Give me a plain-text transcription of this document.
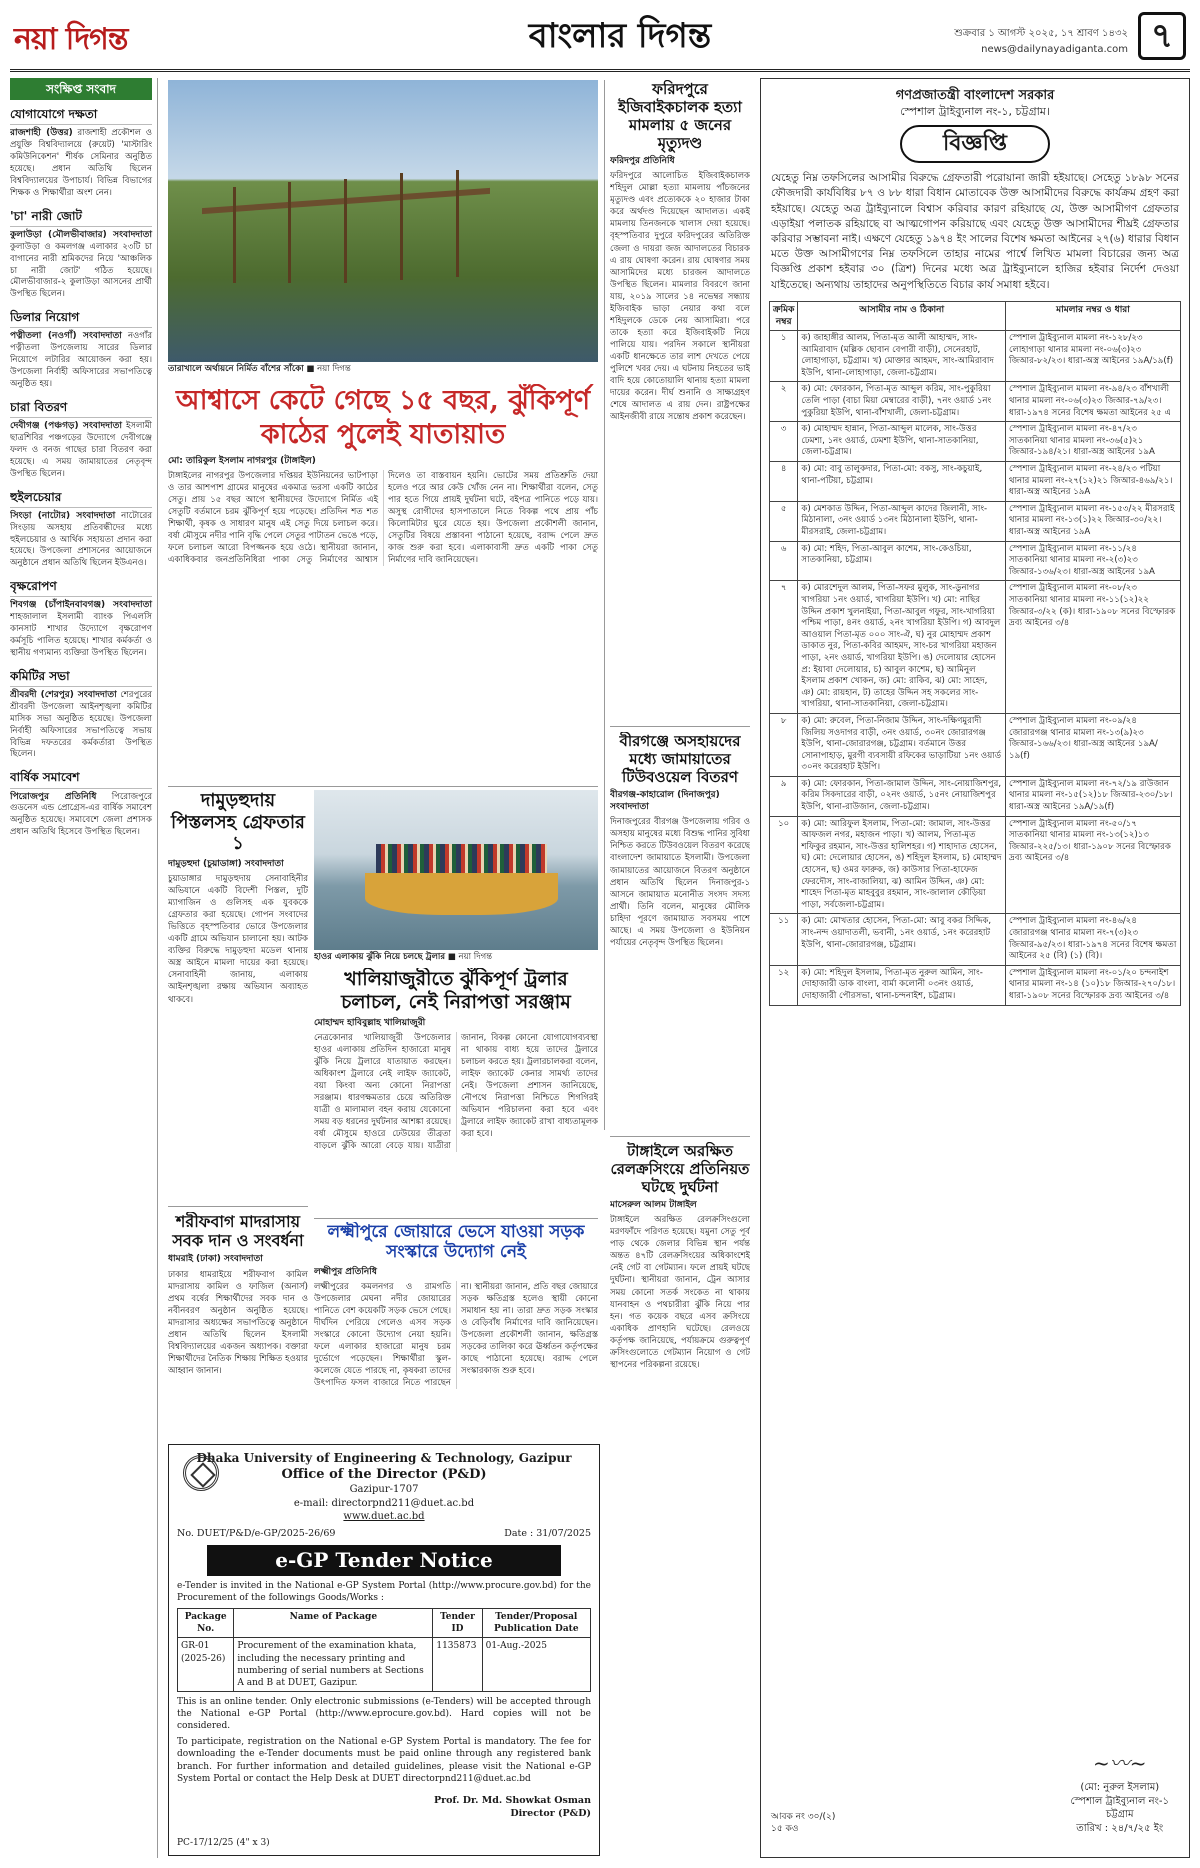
নয়া দিগন্ত	বাংলার দিগন্ত	শুক্রবার ১ আগস্ট ২০২৫, ১৭ শ্রাবণ ১৪৩২
news@dailynayadiganta.com ৭
সংক্ষিপ্ত সংবাদ
যোগাযোগে দক্ষতা

রাজশাহী (উত্তর) রাজশাহী প্রকৌশল ও প্রযুক্তি বিশ্ববিদ্যালয়ে (রুয়েট) 'মাস্টারিং কমিউনিকেশন' শীর্ষক সেমিনার অনুষ্ঠিত হয়েছে। প্রধান অতিথি ছিলেন বিশ্ববিদ্যালয়ের উপাচার্য। বিভিন্ন বিভাগের শিক্ষক ও শিক্ষার্থীরা অংশ নেন।

'চা' নারী জোট

কুলাউড়া (মৌলভীবাজার) সংবাদদাতা কুলাউড়া ও কমলগঞ্জ এলাকার ২৩টি চা বাগানের নারী শ্রমিকদের নিয়ে 'আঞ্চলিক চা নারী জোট' গঠিত হয়েছে। মৌলভীবাজার-২ কুলাউড়া আসনের প্রার্থী উপস্থিত ছিলেন।

ডিলার নিয়োগ

পত্নীতলা (নওগাঁ) সংবাদদাতা নওগাঁর পত্নীতলা উপজেলায় সারের ডিলার নিয়োগে লটারির আয়োজন করা হয়। উপজেলা নির্বাহী অফিসারের সভাপতিত্বে অনুষ্ঠিত হয়।

চারা বিতরণ

দেবীগঞ্জ (পঞ্চগড়) সংবাদদাতা ইসলামী ছাত্রশিবির পঞ্চগড়ের উদ্যোগে দেবীগঞ্জে ফলদ ও বনজ গাছের চারা বিতরণ করা হয়েছে। এ সময় জামায়াতের নেতৃবৃন্দ উপস্থিত ছিলেন।

হুইলচেয়ার

সিংড়া (নাটোর) সংবাদদাতা নাটোরের সিংড়ায় অসহায় প্রতিবন্ধীদের মধ্যে হুইলচেয়ার ও আর্থিক সহায়তা প্রদান করা হয়েছে। উপজেলা প্রশাসনের আয়োজনে অনুষ্ঠানে প্রধান অতিথি ছিলেন ইউএনও।

বৃক্ষরোপণ

শিবগঞ্জ (চাঁপাইনবাবগঞ্জ) সংবাদদাতা শাহজালাল ইসলামী ব্যাংক পিএলসি কানসাট শাখার উদ্যোগে বৃক্ষরোপণ কর্মসূচি পালিত হয়েছে। শাখার কর্মকর্তা ও স্থানীয় গণ্যমান্য ব্যক্তিরা উপস্থিত ছিলেন।

কমিটির সভা

শ্রীবরদী (শেরপুর) সংবাদদাতা শেরপুরের শ্রীবরদী উপজেলা আইনশৃঙ্খলা কমিটির মাসিক সভা অনুষ্ঠিত হয়েছে। উপজেলা নির্বাহী অফিসারের সভাপতিত্বে সভায় বিভিন্ন দফতরের কর্মকর্তারা উপস্থিত ছিলেন।

বার্ষিক সমাবেশ

পিরোজপুর প্রতিনিধি পিরোজপুরে গুডনেস এন্ড প্রোগ্রেস-এর বার্ষিক সমাবেশ অনুষ্ঠিত হয়েছে। সমাবেশে জেলা প্রশাসক প্রধান অতিথি হিসেবে উপস্থিত ছিলেন।

তারাখালে অর্থায়নে নির্মিত বাঁশের সাঁকো ■ নয়া দিগন্ত
আশ্বাসে কেটে গেছে ১৫ বছর, ঝুঁকিপূর্ণ কাঠের পুলেই যাতায়াত
মো: তারিকুল ইসলাম নাগরপুর (টাঙ্গাইল)
টাঙ্গাইলের নাগরপুর উপজেলার দপ্তিয়র ইউনিয়নের ভাটপাড়া ও তার আশপাশ গ্রামের মানুষের একমাত্র ভরসা একটি কাঠের সেতু। প্রায় ১৫ বছর আগে স্থানীয়দের উদ্যোগে নির্মিত এই সেতুটি বর্তমানে চরম ঝুঁকিপূর্ণ হয়ে পড়েছে। প্রতিদিন শত শত শিক্ষার্থী, কৃষক ও সাধারণ মানুষ এই সেতু দিয়ে চলাচল করে। বর্ষা মৌসুমে নদীর পানি বৃদ্ধি পেলে সেতুর পাটাতন ভেঙে পড়ে, ফলে চলাচল আরো বিপজ্জনক হয়ে ওঠে। স্থানীয়রা জানান, একাধিকবার জনপ্রতিনিধিরা পাকা সেতু নির্মাণের আশ্বাস দিলেও তা বাস্তবায়ন হয়নি। ভোটের সময় প্রতিশ্রুতি দেয়া হলেও পরে আর কেউ খোঁজ নেন না। শিক্ষার্থীরা বলেন, সেতু পার হতে গিয়ে প্রায়ই দুর্ঘটনা ঘটে, বইপত্র পানিতে পড়ে যায়। অসুস্থ রোগীদের হাসপাতালে নিতে বিকল্প পথে প্রায় পাঁচ কিলোমিটার ঘুরে যেতে হয়। উপজেলা প্রকৌশলী জানান, সেতুটির বিষয়ে প্রস্তাবনা পাঠানো হয়েছে, বরাদ্দ পেলে দ্রুত কাজ শুরু করা হবে। এলাকাবাসী দ্রুত একটি পাকা সেতু নির্মাণের দাবি জানিয়েছেন।
ফরিদপুরে ইজিবাইকচালক হত্যা মামলায় ৫ জনের মৃত্যুদণ্ড
ফরিদপুর প্রতিনিধি
ফরিদপুরে আলোচিত ইজিবাইকচালক শহিদুল মোল্লা হত্যা মামলায় পাঁচজনের মৃত্যুদণ্ড এবং প্রত্যেককে ২০ হাজার টাকা করে অর্থদণ্ড দিয়েছেন আদালত। একই মামলায় তিনজনকে খালাস দেয়া হয়েছে। বৃহস্পতিবার দুপুরে ফরিদপুরের অতিরিক্ত জেলা ও দায়রা জজ আদালতের বিচারক এ রায় ঘোষণা করেন। রায় ঘোষণার সময় আসামিদের মধ্যে চারজন আদালতে উপস্থিত ছিলেন। মামলার বিবরণে জানা যায়, ২০১৯ সালের ১৪ নভেম্বর সন্ধ্যায় ইজিবাইক ভাড়া নেয়ার কথা বলে শহিদুলকে ডেকে নেয় আসামিরা। পরে তাকে হত্যা করে ইজিবাইকটি নিয়ে পালিয়ে যায়। পরদিন সকালে স্থানীয়রা একটি ধানক্ষেতে তার লাশ দেখতে পেয়ে পুলিশে খবর দেয়। এ ঘটনায় নিহতের ভাই বাদি হয়ে কোতোয়ালি থানায় হত্যা মামলা দায়ের করেন। দীর্ঘ শুনানি ও সাক্ষ্যগ্রহণ শেষে আদালত এ রায় দেন। রাষ্ট্রপক্ষের আইনজীবী রায়ে সন্তোষ প্রকাশ করেছেন।
বীরগঞ্জে অসহায়দের মধ্যে জামায়াতের টিউবওয়েল বিতরণ
বীরগঞ্জ-কাহারোল (দিনাজপুর) সংবাদদাতা
দিনাজপুরের বীরগঞ্জ উপজেলায় গরিব ও অসহায় মানুষের মধ্যে বিশুদ্ধ পানির সুবিধা নিশ্চিত করতে টিউবওয়েল বিতরণ করেছে বাংলাদেশ জামায়াতে ইসলামী। উপজেলা জামায়াতের আয়োজনে বিতরণ অনুষ্ঠানে প্রধান অতিথি ছিলেন দিনাজপুর-১ আসনে জামায়াত মনোনীত সংসদ সদস্য প্রার্থী। তিনি বলেন, মানুষের মৌলিক চাহিদা পূরণে জামায়াত সবসময় পাশে আছে। এ সময় উপজেলা ও ইউনিয়ন পর্যায়ের নেতৃবৃন্দ উপস্থিত ছিলেন।
দামুড়হুদায় পিস্তলসহ গ্রেফতার ১
দামুড়হুদা (চুয়াডাঙ্গা) সংবাদদাতা
চুয়াডাঙ্গার দামুড়হুদায় সেনাবাহিনীর অভিযানে একটি বিদেশী পিস্তল, দুটি ম্যাগাজিন ও গুলিসহ এক যুবককে গ্রেফতার করা হয়েছে। গোপন সংবাদের ভিত্তিতে বৃহস্পতিবার ভোরে উপজেলার একটি গ্রামে অভিযান চালানো হয়। আটক ব্যক্তির বিরুদ্ধে দামুড়হুদা মডেল থানায় অস্ত্র আইনে মামলা দায়ের করা হয়েছে। সেনাবাহিনী জানায়, এলাকায় আইনশৃঙ্খলা রক্ষায় অভিযান অব্যাহত থাকবে।
হাওর এলাকায় ঝুঁকি নিয়ে চলছে ট্রলার ■ নয়া দিগন্ত
খালিয়াজুরীতে ঝুঁকিপূর্ণ ট্রলার চলাচল, নেই নিরাপত্তা সরঞ্জাম
মোহাম্মদ হাবিবুল্লাহ খালিয়াজুরী
নেত্রকোনার খালিয়াজুরী উপজেলার হাওর এলাকায় প্রতিদিন হাজারো মানুষ ঝুঁকি নিয়ে ট্রলারে যাতায়াত করছেন। অধিকাংশ ট্রলারে নেই লাইফ জ্যাকেট, বয়া কিংবা অন্য কোনো নিরাপত্তা সরঞ্জাম। ধারণক্ষমতার চেয়ে অতিরিক্ত যাত্রী ও মালামাল বহন করায় যেকোনো সময় বড় ধরনের দুর্ঘটনার আশঙ্কা রয়েছে। বর্ষা মৌসুমে হাওরে ঢেউয়ের তীব্রতা বাড়লে ঝুঁকি আরো বেড়ে যায়। যাত্রীরা জানান, বিকল্প কোনো যোগাযোগব্যবস্থা না থাকায় বাধ্য হয়ে তাদের ট্রলারে চলাচল করতে হয়। ট্রলারচালকরা বলেন, লাইফ জ্যাকেট কেনার সামর্থ্য তাদের নেই। উপজেলা প্রশাসন জানিয়েছে, নৌপথে নিরাপত্তা নিশ্চিতে শিগগিরই অভিযান পরিচালনা করা হবে এবং ট্রলারে লাইফ জ্যাকেট রাখা বাধ্যতামূলক করা হবে।
শরীফবাগ মাদরাসায় সবক দান ও সংবর্ধনা
ধামরাই (ঢাকা) সংবাদদাতা
ঢাকার ধামরাইয়ে শরীফবাগ কামিল মাদরাসায় কামিল ও ফাজিল (অনার্স) প্রথম বর্ষের শিক্ষার্থীদের সবক দান ও নবীনবরণ অনুষ্ঠান অনুষ্ঠিত হয়েছে। মাদরাসার অধ্যক্ষের সভাপতিত্বে অনুষ্ঠানে প্রধান অতিথি ছিলেন ইসলামী বিশ্ববিদ্যালয়ের একজন অধ্যাপক। বক্তারা শিক্ষার্থীদের নৈতিক শিক্ষায় শিক্ষিত হওয়ার আহ্বান জানান।
লক্ষ্মীপুরে জোয়ারে ভেসে যাওয়া সড়ক সংস্কারে উদ্যোগ নেই
লক্ষ্মীপুর প্রতিনিধি
লক্ষ্মীপুরের কমলনগর ও রামগতি উপজেলার মেঘনা নদীর জোয়ারের পানিতে বেশ কয়েকটি সড়ক ভেসে গেছে। দীর্ঘদিন পেরিয়ে গেলেও এসব সড়ক সংস্কারে কোনো উদ্যোগ নেয়া হয়নি। ফলে এলাকার হাজারো মানুষ চরম দুর্ভোগে পড়েছেন। শিক্ষার্থীরা স্কুল-কলেজে যেতে পারছে না, কৃষকরা তাদের উৎপাদিত ফসল বাজারে নিতে পারছেন না। স্থানীয়রা জানান, প্রতি বছর জোয়ারে সড়ক ক্ষতিগ্রস্ত হলেও স্থায়ী কোনো সমাধান হয় না। তারা দ্রুত সড়ক সংস্কার ও বেড়িবাঁধ নির্মাণের দাবি জানিয়েছেন। উপজেলা প্রকৌশলী জানান, ক্ষতিগ্রস্ত সড়কের তালিকা করে ঊর্ধ্বতন কর্তৃপক্ষের কাছে পাঠানো হয়েছে। বরাদ্দ পেলে সংস্কারকাজ শুরু হবে।
টাঙ্গাইলে অরক্ষিত রেলক্রসিংয়ে প্রতিনিয়ত ঘটছে দুর্ঘটনা
মাসেরুল আলম টাঙ্গাইল
টাঙ্গাইলে অরক্ষিত রেলক্রসিংগুলো মরণফাঁদে পরিণত হয়েছে। যমুনা সেতু পূর্ব পাড় থেকে জেলার বিভিন্ন স্থান পর্যন্ত অন্তত ৪৭টি রেলক্রসিংয়ের অধিকাংশেই নেই গেট বা গেটম্যান। ফলে প্রায়ই ঘটছে দুর্ঘটনা। স্থানীয়রা জানান, ট্রেন আসার সময় কোনো সতর্ক সংকেত না থাকায় যানবাহন ও পথচারীরা ঝুঁকি নিয়ে পার হন। গত কয়েক বছরে এসব ক্রসিংয়ে একাধিক প্রাণহানি ঘটেছে। রেলওয়ে কর্তৃপক্ষ জানিয়েছে, পর্যায়ক্রমে গুরুত্বপূর্ণ ক্রসিংগুলোতে গেটম্যান নিয়োগ ও গেট স্থাপনের পরিকল্পনা রয়েছে।
Dhaka University of Engineering & Technology, Gazipur
Office of the Director (P&D)
Gazipur-1707
e-mail: directorpnd211@duet.ac.bd
www.duet.ac.bd
No. DUET/P&D/e-GP/2025-26/69	Date : 31/07/2025
e-GP Tender Notice
e-Tender is invited in the National e-GP System Portal (http://www.procure.gov.bd) for the Procurement of the followings Goods/Works :
Package No.	Name of Package	Tender ID	Tender/Proposal Publication Date
GR-01 (2025-26)	Procurement of the examination khata, including the necessary printing and numbering of serial numbers at Sections A and B at DUET, Gazipur.	1135873	01-Aug.-2025
This is an online tender. Only electronic submissions (e-Tenders) will be accepted through the National e-GP Portal (http://www.eprocure.gov.bd). Hard copies will not be considered.
To participate, registration on the National e-GP System Portal is mandatory. The fee for downloading the e-Tender documents must be paid online through any registered bank branch. For further information and detailed guidelines, please visit the National e-GP System Portal or contact the Help Desk at DUET directorpnd211@duet.ac.bd
Prof. Dr. Md. Showkat Osman
Director (P&D)
PC-17/12/25 (4" x 3)
গণপ্রজাতন্ত্রী বাংলাদেশ সরকার
স্পেশাল ট্রাইব্যুনাল নং-১, চট্টগ্রাম।
বিজ্ঞপ্তি
যেহেতু নিম্ন তফসিলের আসামীর বিরুদ্ধে গ্রেফতারী পরোয়ানা জারী হইয়াছে। সেহেতু ১৮৯৮ সনের ফৌজদারী কার্যবিধির ৮৭ ও ৮৮ ধারা বিধান মোতাবেক উক্ত আসামীদের বিরুদ্ধে কার্যক্রম গ্রহণ করা হইয়াছে। যেহেতু অত্র ট্রাইব্যুনালে বিশ্বাস করিবার কারণ রহিয়াছে যে, উক্ত আসামীগণ গ্রেফতার এড়াইয়া পলাতক রহিয়াছে বা আত্মগোপন করিয়াছে এবং যেহেতু উক্ত আসামীদের শীঘ্রই গ্রেফতার করিবার সম্ভাবনা নাই। এক্ষণে যেহেতু ১৯৭৪ ইং সালের বিশেষ ক্ষমতা আইনের ২৭(৬) ধারার বিধান মতে উক্ত আসামীগণের নিম্ন তফসিলে তাহার নামের পার্শ্বে লিখিত মামলা বিচারের জন্য অত্র বিজ্ঞপ্তি প্রকাশ হইবার ৩০ (ত্রিশ) দিনের মধ্যে অত্র ট্রাইব্যুনালে হাজির হইবার নির্দেশ দেওয়া যাইতেছে। অন্যথায় তাহাদের অনুপস্থিতিতে বিচার কার্য সমাধা হইবে।
ক্রমিক নম্বর	আসামীর নাম ও ঠিকানা	মামলার নম্বর ও ধারা
১	ক) জাহাঙ্গীর আলম, পিতা-মৃত আলী আহাম্মদ, সাং-আমিরাবাদ (মল্লিক ছোবান বেপারী বাড়ী), সেনেরহাট, লোহাগাড়া, চট্টগ্রাম। খ) মোক্তার আহমদ, সাং-আমিরাবাদ ইউপি, থানা-লোহাগাড়া, জেলা-চট্টগ্রাম।	স্পেশাল ট্রাইব্যুনাল মামলা নং-১২৮/২৩ লোহাগাড়া থানার মামলা নং-০৬(৩)২৩ জিআর-৮২/২৩। ধারা-অস্ত্র আইনের ১৯A/১৯(f)
২	ক) মো: ফোরকান, পিতা-মৃত আব্দুল করিম, সাং-পুকুরিয়া তেলি পাড়া (বাচা মিয়া মেম্বারের বাড়ী), ৭নং ওয়ার্ড ১নং পুকুরিয়া ইউপি, থানা-বাঁশখালী, জেলা-চট্টগ্রাম।	স্পেশাল ট্রাইব্যুনাল মামলা নং-৯৪/২৩ বাঁশখালী থানার মামলা নং-০৬(৩)২৩ জিআর-৭৯/২৩। ধারা-১৯৭৪ সনের বিশেষ ক্ষমতা আইনের ২৫ এ
৩	ক) মোহাম্মদ হান্নান, পিতা-আব্দুল মালেক, সাং-উত্তর ঢেমশা, ১নং ওয়ার্ড, ঢেমশা ইউপি, থানা-সাতকানিয়া, জেলা-চট্টগ্রাম।	স্পেশাল ট্রাইব্যুনাল মামলা নং-৪৭/২৩ সাতকানিয়া থানার মামলা নং-৩৬(৫)২১ জিআর-১৯৪/২১। ধারা-অস্ত্র আইনের ১৯A
৪	ক) মো: বাবু তালুকদার, পিতা-মো: বকসু, সাং-কচুয়াই, থানা-পটিয়া, চট্টগ্রাম।	স্পেশাল ট্রাইব্যুনাল মামলা নং-২৪/২৩ পটিয়া থানার মামলা নং-২৭(১২)২১ জিআর-৪৬৯/২১। ধারা-অস্ত্র আইনের ১৯A
৫	ক) মেশকাত উদ্দিন, পিতা-আব্দুল কাদের জিলানী, সাং-মিঠানালা, ৩নং ওয়ার্ড ১৩নং মিঠানালা ইউপি, থানা-মীরসরাই, জেলা-চট্টগ্রাম।	স্পেশাল ট্রাইব্যুনাল মামলা নং-১৫৩/২২ মীরসরাই থানার মামলা নং-১৩(১)২২ জিআর-৩০/২২। ধারা-অস্ত্র আইনের ১৯A
৬	ক) মো: শহিদ, পিতা-আবুল কাশেম, সাং-কেওচিয়া, সাতকানিয়া, চট্টগ্রাম।	স্পেশাল ট্রাইব্যুনাল মামলা নং-১১/২৪ সাতকানিয়া থানার মামলা নং-২(৩)২৩ জিআর-১৩৬/২৩। ধারা-অস্ত্র আইনের ১৯A
৭	ক) মোরশেদুল আলম, পিতা-সফর মুলুক, সাং-ডুনাগর খাগরিয়া ১নং ওয়ার্ড, খাগরিয়া ইউপি। খ) মো: নাছির উদ্দিন প্রকাশ খুলনাইয়া, পিতা-আবুল গফুর, সাং-খাগরিয়া পশ্চিম পাড়া, ৪নং ওয়ার্ড, ২নং খাগরিয়া ইউপি। গ) আবদুল আওয়াল পিতা-মৃত ০০০ সাং-ঐ, ঘ) নুর মোহাম্মদ প্রকাশ ডাকাত নুর, পিতা-কবির আহমদ, সাং-চর খাগরিয়া মহাজন পাড়া, ২নং ওয়ার্ড, খাগরিয়া ইউপি। ঙ) দেলোয়ার হোসেন প্র: ইয়াবা দেলোয়ার, চ) আবুল কাশেম, ছ) আমিনুল ইসলাম প্রকাশ খোকন, জ) মো: রাকিব, ঝ) মো: সাহেদ, ঞ) মো: রায়হান, ট) তাহের উদ্দিন সহ সকলের সাং-খাগরিয়া, থানা-সাতকানিয়া, জেলা-চট্টগ্রাম।	স্পেশাল ট্রাইব্যুনাল মামলা নং-০৮/২৩ সাতকানিয়া থানার মামলা নং-১১(১২)২২ জিআর-৩/২২ (ক)। ধারা-১৯০৮ সনের বিস্ফোরক দ্রব্য আইনের ৩/৪
৮	ক) মো: রুবেল, পিতা-নিজাম উদ্দিন, সাং-দক্ষিণমুরাদী জিলিয় সওদাগর বাড়ী, ৩নং ওয়ার্ড, ৩০নং জোরারগঞ্জ ইউপি, থানা-জোরারগঞ্জ, চট্টগ্রাম। বর্তমানে উত্তর সোনাপাহাড়, মুরগী ব্যবসায়ী রফিকের ভাড়াটিয়া ১নং ওয়ার্ড ৩০নং করেরহাট ইউপি।	স্পেশাল ট্রাইব্যুনাল মামলা নং-০৯/২৪ জোরারগঞ্জ থানার মামলা নং-১৩(৯)২৩ জিআর-১৬৬/২৩। ধারা-অস্ত্র আইনের ১৯A/১৯(f)
৯	ক) মো: ফোরকান, পিতা-জামাল উদ্দিন, সাং-নোয়াজিশপুর, করিম সিকদারের বাড়ী, ০২নং ওয়ার্ড, ১৫নং নোয়াজিশপুর ইউপি, থানা-রাউজান, জেলা-চট্টগ্রাম।	স্পেশাল ট্রাইব্যুনাল মামলা নং-৭২/১৯ রাউজান থানার মামলা নং-১৫(১২)১৮ জিআর-২৩০/১৮। ধারা-অস্ত্র আইনের ১৯A/১৯(f)
১০	ক) মো: আরিফুল ইসলাম, পিতা-মো: জামাল, সাং-উত্তর আফজল নগর, মহাজন পাড়া। খ) আলম, পিতা-মৃত শফিকুর রহমান, সাং-উত্তর হালিশহর। গ) শাহাদাত হোসেন, ঘ) মো: দেলোয়ার হোসেন, ঙ) শহিদুল ইসলাম, চ) মোহাম্মদ হোসেন, ছ) ওমর ফারুক, জ) কাউসার পিতা-হাফেজ ফেরদৌস, সাং-বাজালিয়া, ঝ) আমিন উদ্দিন, ঞ) মো: শাহেদ পিতা-মৃত মাহবুবুর রহমান, সাং-জালাল কৌড়িয়া পাড়া, সর্বজেলা-চট্টগ্রাম।	স্পেশাল ট্রাইব্যুনাল মামলা নং-৫০/১৭ সাতকানিয়া থানার মামলা নং-১৩(১২)১৩ জিআর-২২৫/১৩। ধারা-১৯০৮ সনের বিস্ফোরক দ্রব্য আইনের ৩/৪
১১	ক) মো: মোখতার হোসেন, পিতা-মো: আবু বকর সিদ্দিক, সাং-নন্দ ওয়াদাতলী, ভবানী, ১নং ওয়ার্ড, ১নং করেরহাট ইউপি, থানা-জোরারগঞ্জ, চট্টগ্রাম।	স্পেশাল ট্রাইব্যুনাল মামলা নং-৪৬/২৪ জোরারগঞ্জ থানার মামলা নং-৭(৩)২৩ জিআর-৯৫/২৩। ধারা-১৯৭৪ সনের বিশেষ ক্ষমতা আইনের ২৫ (বি) (১) (বি)।
১২	ক) মো: শহিদুল ইসলাম, পিতা-মৃত নুরুল আমিন, সাং-দোহাজারী ডাক বাংলা, বার্মা কলোনী ০৩নং ওয়ার্ড, দোহাজারী পৌরসভা, থানা-চন্দনাইশ, চট্টগ্রাম।	স্পেশাল ট্রাইব্যুনাল মামলা নং-০১/২০ চন্দনাইশ থানার মামলা নং-১৪ (১০)১৮ জিআর-২৭০/১৮। ধারা-১৯০৮ সনের বিস্ফোরক দ্রব্য আইনের ৩/৪
আবক নং ৩০/(২)
১৫ কও
~〰~
(মো: নুরুল ইসলাম)
স্পেশাল ট্রাইব্যুনাল নং-১
চট্টগ্রাম
তারিখ : ২৪/৭/২৫ ইং
